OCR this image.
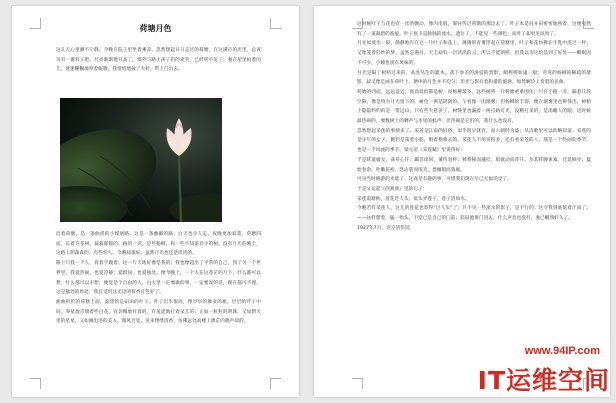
荷塘月色
这几天心里颇不宁静。今晚在院子里坐着乘凉，忽然想起日日走过的荷塘，在这满月的光里，总该另有一番样子吧。月亮渐渐地升高了，墙外马路上孩子们的欢笑，已经听不见了；妻在屋里拍着闰儿，迷迷糊糊地哼着眠歌。我悄悄地披了大衫，带上门出去。
沿着荷塘，是一条曲折的小煤屑路。这是一条幽僻的路；白天也少人走，夜晚更加寂寞。荷塘四面，长着许多树，蓊蓊郁郁的。路的一旁，是些杨柳，和一些不知道名字的树。没有月光的晚上，这路上阴森森的，有些怕人。今晚却很好，虽然月光也还是淡淡的。
路上只我一个人，背着手踱着。这一片天地好像是我的；我也像超出了平常的自己，到了另一个世界里。我爱热闹，也爱冷静；爱群居，也爱独处。像今晚上，一个人在这苍茫的月下，什么都可以想，什么都可以不想，便觉是个自由的人。白天里一定要做的事，一定要说的话，现在都可不理。这是独处的妙处，我且受用这无边的荷香月色好了。
曲曲折折的荷塘上面，弥望的是田田的叶子。叶子出水很高，像亭亭的舞女的裙。层层的叶子中间，零星地点缀着些白花，有袅娜地开着的，有羞涩地打着朵儿的；正如一粒粒的明珠，又如碧天里的星星，又如刚出浴的美人。微风过处，送来缕缕清香，仿佛远处高楼上渺茫的歌声似的。
这时候叶子与花也有一丝的颤动，像闪电般，霎时传过荷塘的那边去了。叶子本是肩并肩密密地挨着，这便宛然有了一道凝碧的波痕。叶子底下是脉脉的流水，遮住了，不能见一些颜色；而叶子却更见风致了。
月光如流水一般，静静地泻在这一片叶子和花上。薄薄的青雾浮起在荷塘里。叶子和花仿佛在牛乳中洗过一样；又像笼着轻纱的梦。虽然是满月，天上却有一层淡淡的云，所以不能朗照；但我以为这恰是到了好处——酣眠固不可少，小睡也别有风味的。
月光是隔了树照过来的，高处丛生的灌木，落下参差的斑驳的黑影，峭楞楞如鬼一般；弯弯的杨柳的稀疏的倩影，却又像是画在荷叶上。塘中的月色并不均匀；但光与影有着和谐的旋律，如梵婀玲上奏着的名曲。
荷塘的四面，远远近近，高高低低都是树，而杨柳最多。这些树将一片荷塘重重围住；只在小路一旁，漏着几段空隙，像是特为月光留下的。树色一例是阴阴的，乍看像一团烟雾；但杨柳的丰姿，便在烟雾里也辨得出。树梢上隐隐约约的是一带远山，只有些大意罢了。树缝里也漏着一两点路灯光，没精打采的，是渴睡人的眼。这时候最热闹的，要数树上的蝉声与水里的蛙声；但热闹是它们的，我什么也没有。
忽然想起采莲的事情来了。采莲是江南的旧俗，似乎很早就有，而六朝时为盛；从诗歌里可以约略知道。采莲的是少年的女子，她们是荡着小船，唱着艳歌去的。采莲人不用说很多，还有看采莲的人。那是一个热闹的季节，也是一个风流的季节。梁元帝《采莲赋》里说得好：
于是妖童媛女，荡舟心许；鷁首徐回，兼传羽杯；棹将移而藻挂，船欲动而萍开。尔其纤腰束素，迁延顾步；夏始春余，叶嫩花初，恐沾裳而浅笑，畏倾船而敛裾。
可见当时嬉游的光景了。这真是有趣的事，可惜我们现在早已无福消受了。
于是又记起《西洲曲》里的句子：
采莲南塘秋，莲花过人头；低头弄莲子，莲子清如水。
今晚若有采莲人，这儿的莲花也算得“过人头”了；只不见一些流水的影子，是不行的。这令我到底惦着江南了。——这样想着，猛一抬头，不觉已是自己的门前；轻轻地推门进去，什么声息也没有，妻已睡熟好久了。
1927年7月，北京清华园。
www.94IP.com
IT运维空间
